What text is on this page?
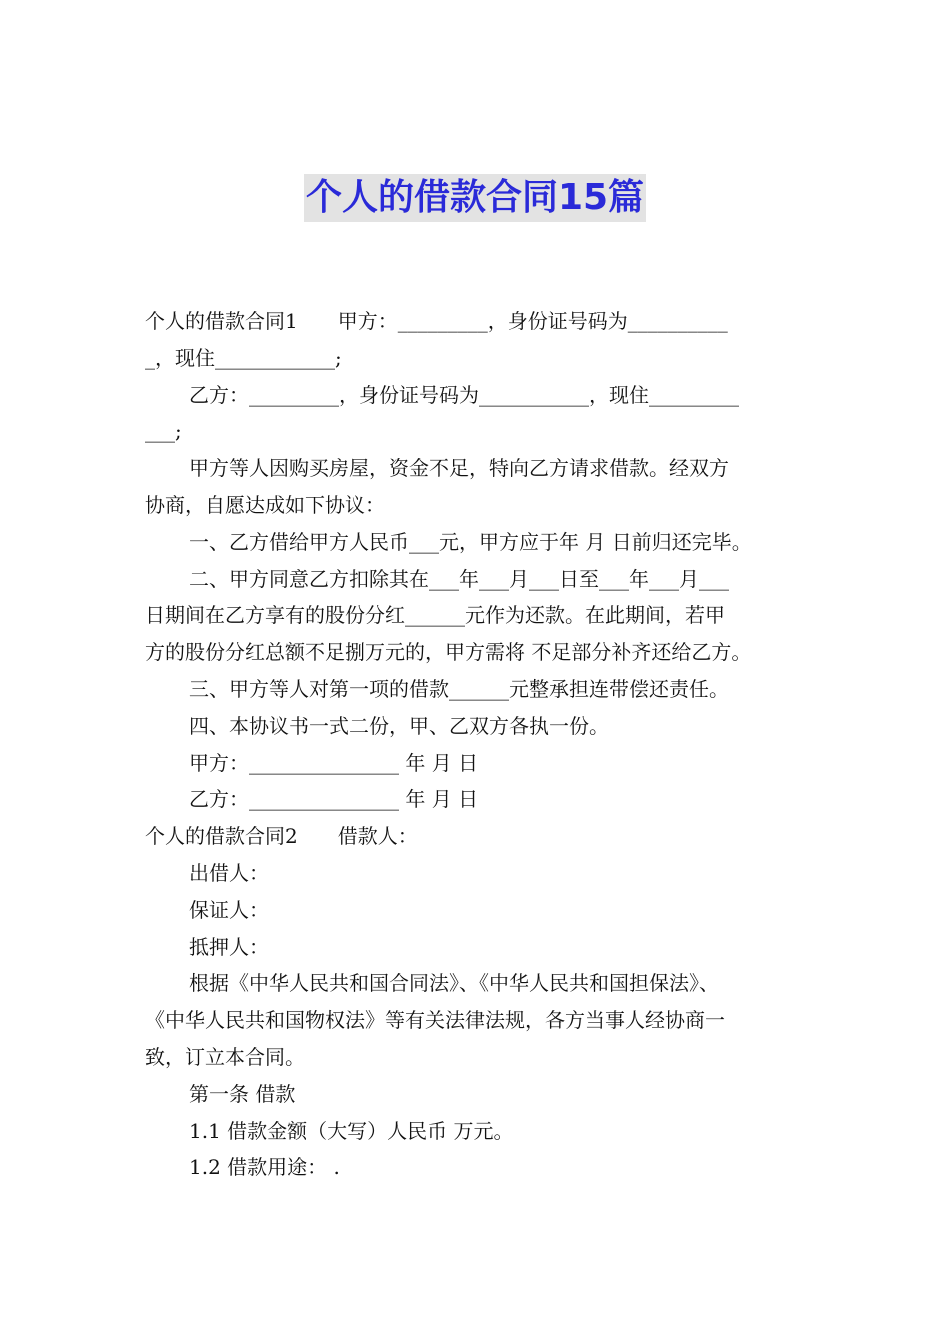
个人的借款合同15篇
个人的借款合同1　　甲方：_________，身份证号码为__________
_，现住____________;
乙方：_________，身份证号码为___________，现住_________
___;
甲方等人因购买房屋，资金不足，特向乙方请求借款。经双方
协商，自愿达成如下协议：
一、乙方借给甲方人民币___元，甲方应于年 月 日前归还完毕。
二、甲方同意乙方扣除其在___年___月___日至___年___月___
日期间在乙方享有的股份分红______元作为还款。在此期间，若甲
方的股份分红总额不足捌万元的，甲方需将 不足部分补齐还给乙方。
三、甲方等人对第一项的借款______元整承担连带偿还责任。
四、本协议书一式二份，甲、乙双方各执一份。
甲方：_______________ 年 月 日
乙方：_______________ 年 月 日
个人的借款合同2　　借款人：
出借人：
保证人：
抵押人：
根据《中华人民共和国合同法》、《中华人民共和国担保法》、
《中华人民共和国物权法》等有关法律法规，各方当事人经协商一
致，订立本合同。
第一条 借款
1.1 借款金额（大写）人民币 万元。
1.2 借款用途： .
